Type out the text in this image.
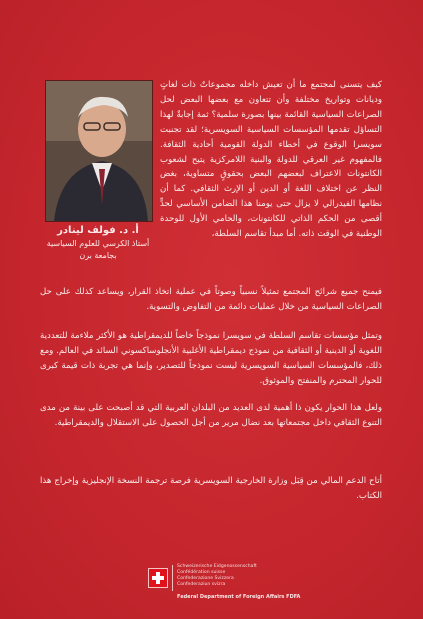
أ. د. فولف لينادر
أستاذ الكرسي للعلوم السياسية بجامعة برن
كيف يتسنى لمجتمع ما أن تعيش داخله مجموعاتٌ ذات لغاتٍ وديانات وتواريخ مختلفة وأن تتعاون مع بعضها البعض لحل الصراعات السياسية القائمة بينها بصورة سلمية؟ ثمة إجابةٌ لهذا التساؤل تقدمها المؤسسات السياسية السويسرية؛ لقد تجنبت سويسرا الوقوع في أخطاء الدولة القومية أحادية الثقافة. فالمفهوم غير العرقي للدولة والبنية اللامركزية يتيح لشعوب الكانتونات الاعتراف لبعضهم البعض بحقوقٍ متساوية، بغض النظر عن اختلاف اللغة أو الدين أو الإرث الثقافي. كما أن نظامها الفيدرالي لا يزال حتى يومنا هذا الضامن الأساسي لحدٍّ أقصى من الحكم الذاتي للكانتونات، والحامي الأول للوحدة الوطنية في الوقت ذاته. أما مبدأ تقاسم السلطة،
فيمنح جميع شرائح المجتمع تمثيلاً نسبياً وصوتاً في عملية اتخاذ القرار، ويساعد كذلك على حل الصراعات السياسية من خلال عمليات دائمة من التفاوض والتسوية.
وتمثل مؤسسات تقاسم السلطة في سويسرا نموذجاً خاصاً للديمقراطية هو الأكثر ملاءمة للتعددية اللغوية أو الدينية أو الثقافية من نموذج ديمقراطية الأغلبية الأنجلوساكسوني السائد في العالم. ومع ذلك، فالمؤسسات السياسية السويسرية ليست نموذجاً للتصدير، وإنما هي تجربة ذات قيمة كبرى للحوار المحترم والمنفتح والموثوق.
ولعل هذا الحوار يكون ذا أهمية لدى العديد من البلدان العربية التي قد أصبحت على بينة من مدى التنوع الثقافي داخل مجتمعاتها بعد نضال مرير من أجل الحصول على الاستقلال والديمقراطية.
أتاح الدعم المالي من قِبَل وزارة الخارجية السويسرية فرصة ترجمة النسخة الإنجليزية وإخراج هذا الكتاب.
Schweizerische Eidgenossenschaft
Confédération suisse
Confederazione Svizzera
Confederaziun svizra
Federal Department of Foreign Affairs FDFA
